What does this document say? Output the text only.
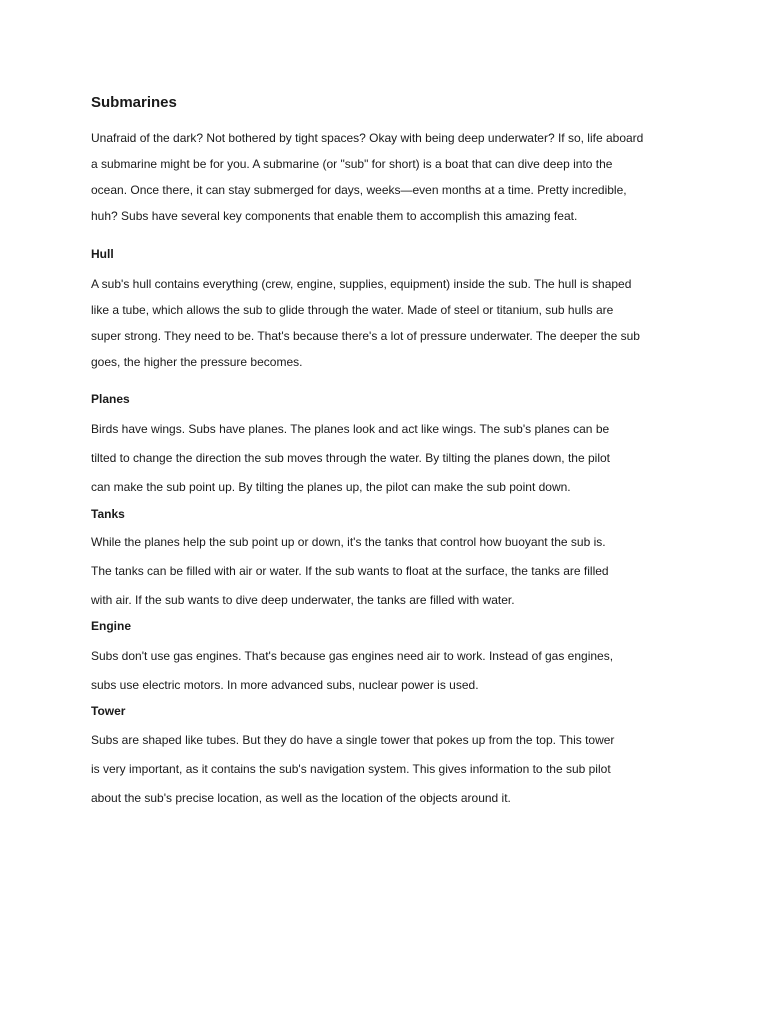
Submarines

Unafraid of the dark? Not bothered by tight spaces? Okay with being deep underwater? If so, life aboard
a submarine might be for you. A submarine (or "sub" for short) is a boat that can dive deep into the
ocean. Once there, it can stay submerged for days, weeks—even months at a time. Pretty incredible,
huh? Subs have several key components that enable them to accomplish this amazing feat.

Hull

A sub's hull contains everything (crew, engine, supplies, equipment) inside the sub. The hull is shaped
like a tube, which allows the sub to glide through the water. Made of steel or titanium, sub hulls are
super strong. They need to be. That's because there's a lot of pressure underwater. The deeper the sub
goes, the higher the pressure becomes.

Planes

Birds have wings. Subs have planes. The planes look and act like wings. The sub's planes can be
tilted to change the direction the sub moves through the water. By tilting the planes down, the pilot
can make the sub point up. By tilting the planes up, the pilot can make the sub point down.

Tanks

While the planes help the sub point up or down, it's the tanks that control how buoyant the sub is.
The tanks can be filled with air or water. If the sub wants to float at the surface, the tanks are filled
with air. If the sub wants to dive deep underwater, the tanks are filled with water.

Engine

Subs don't use gas engines. That's because gas engines need air to work. Instead of gas engines,
subs use electric motors. In more advanced subs, nuclear power is used.

Tower

Subs are shaped like tubes. But they do have a single tower that pokes up from the top. This tower
is very important, as it contains the sub's navigation system. This gives information to the sub pilot
about the sub's precise location, as well as the location of the objects around it.
